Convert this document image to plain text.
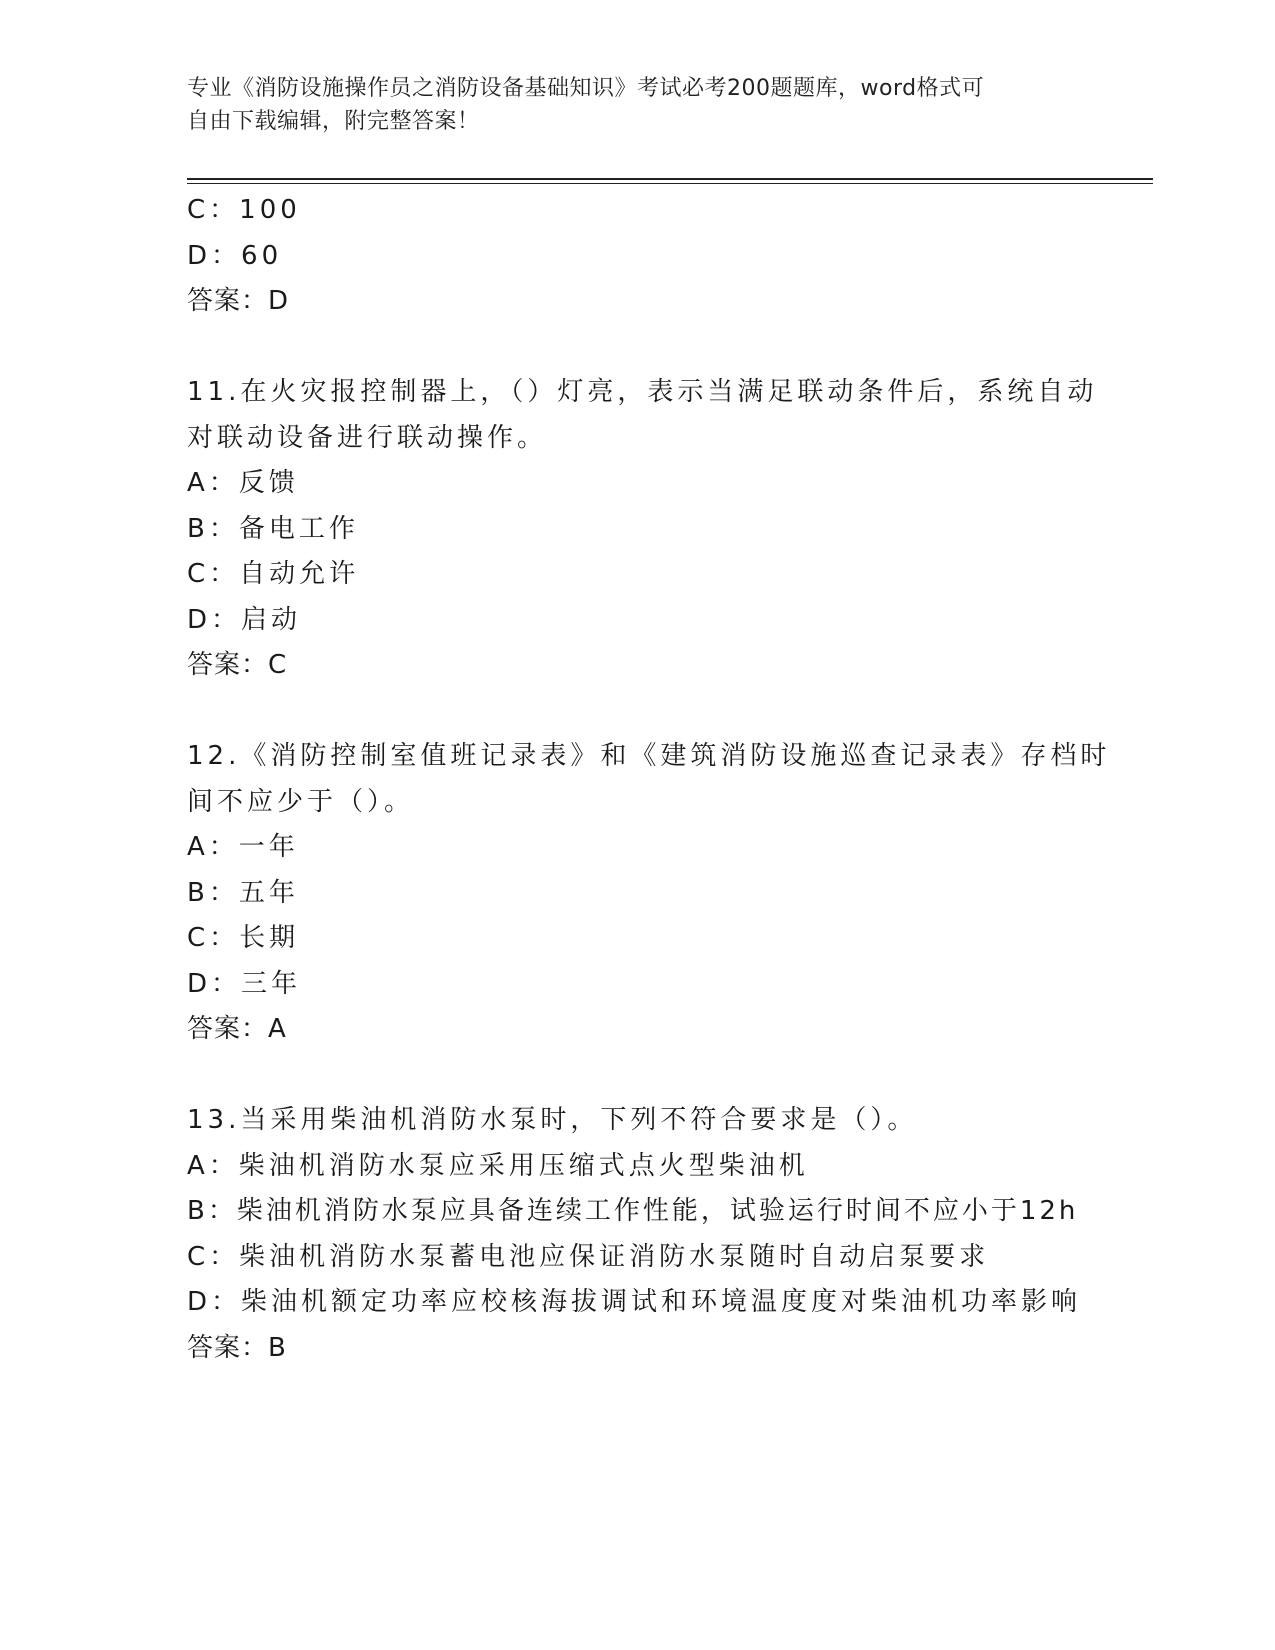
专业《消防设施操作员之消防设备基础知识》考试必考200题题库，word格式可
自由下载编辑，附完整答案！
C：100
D：60
答案：D
11.在火灾报控制器上，（）灯亮，表示当满足联动条件后，系统自动
对联动设备进行联动操作。
A：反馈
B：备电工作
C：自动允许
D：启动
答案：C
12.《消防控制室值班记录表》和《建筑消防设施巡查记录表》存档时
间不应少于（）。
A：一年
B：五年
C：长期
D：三年
答案：A
13.当采用柴油机消防水泵时，下列不符合要求是（）。
A：柴油机消防水泵应采用压缩式点火型柴油机
B：柴油机消防水泵应具备连续工作性能，试验运行时间不应小于12h
C：柴油机消防水泵蓄电池应保证消防水泵随时自动启泵要求
D：柴油机额定功率应校核海拔调试和环境温度度对柴油机功率影响
答案：B
